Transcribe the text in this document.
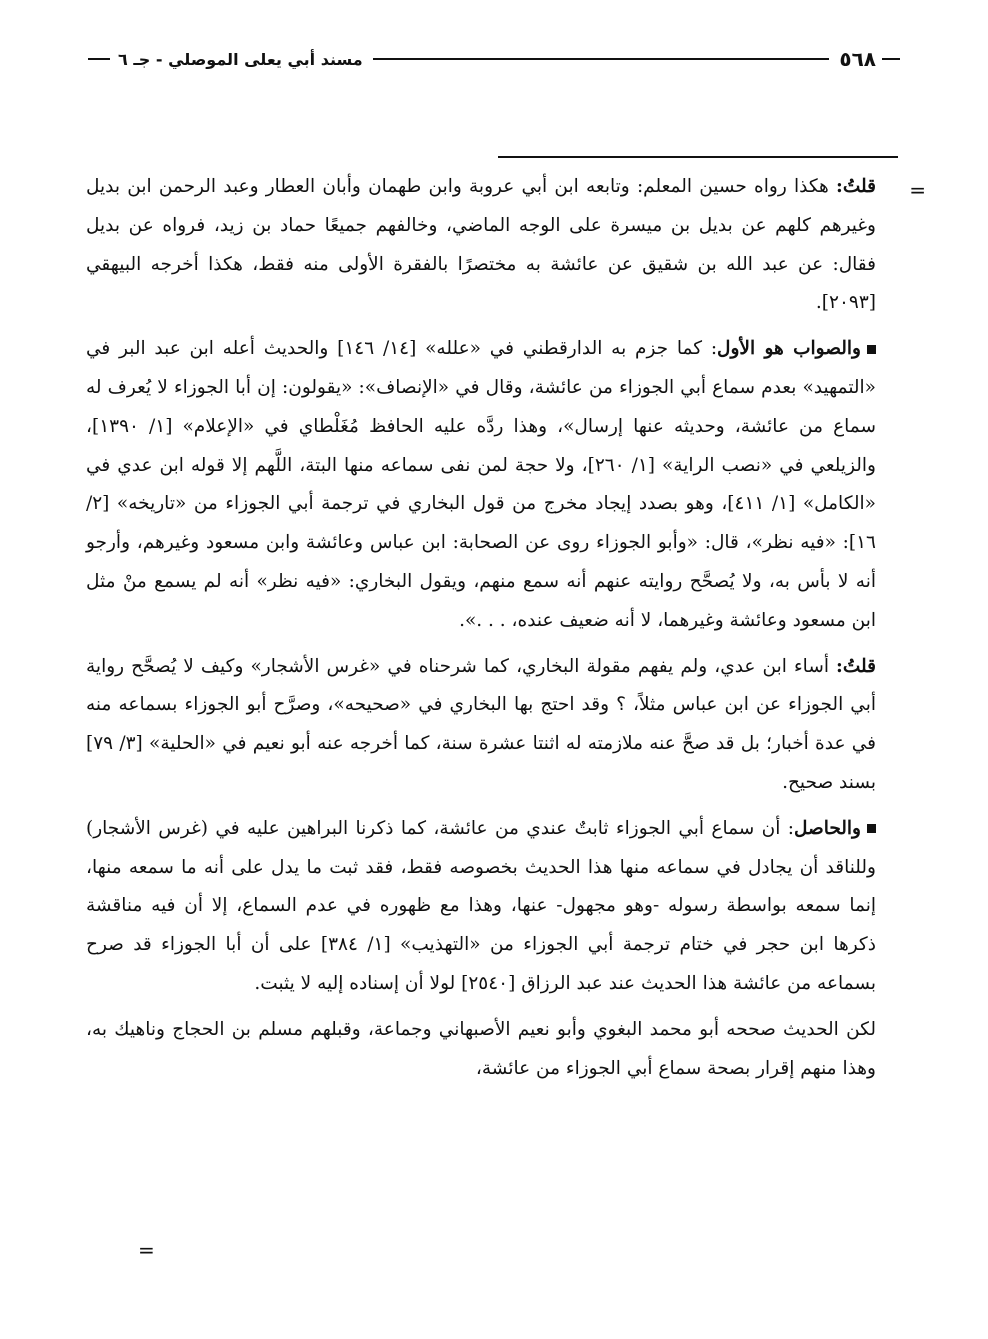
٥٦٨
مسند أبي يعلى الموصلي - جـ ٦
=

قلتُ: هكذا رواه حسين المعلم: وتابعه ابن أبي عروبة وابن طهمان وأبان العطار وعبد الرحمن ابن بديل وغيرهم كلهم عن بديل بن ميسرة على الوجه الماضي، وخالفهم جميعًا حماد بن زيد، فرواه عن بديل فقال: عن عبد الله بن شقيق عن عائشة به مختصرًا بالفقرة الأولى منه فقط، هكذا أخرجه البيهقي [٢٠٩٣].

والصواب هو الأول: كما جزم به الدارقطني في «علله» [١٤/ ١٤٦] والحديث أعله ابن عبد البر في «التمهيد» بعدم سماع أبي الجوزاء من عائشة، وقال في «الإنصاف»: «يقولون: إن أبا الجوزاء لا يُعرف له سماع من عائشة، وحديثه عنها إرسال»، وهذا ردَّه عليه الحافظ مُغَلْطاي في «الإعلام» [١/ ١٣٩٠]، والزيلعي في «نصب الراية» [١/ ٢٦٠]، ولا حجة لمن نفى سماعه منها البتة، اللَّهم إلا قوله ابن عدي في «الكامل» [١/ ٤١١]، وهو بصدد إيجاد مخرج من قول البخاري في ترجمة أبي الجوزاء من «تاريخه» [٢/ ١٦]: «فيه نظر»، قال: «وأبو الجوزاء روى عن الصحابة: ابن عباس وعائشة وابن مسعود وغيرهم، وأرجو أنه لا بأس به، ولا يُصحَّح روايته عنهم أنه سمع منهم، ويقول البخاري: «فيه نظر» أنه لم يسمع منْ مثل ابن مسعود وعائشة وغيرهما، لا أنه ضعيف عنده، . . .».

قلتُ: أساء ابن عدي، ولم يفهم مقولة البخاري، كما شرحناه في «غرس الأشجار» وكيف لا يُصحَّح رواية أبي الجوزاء عن ابن عباس مثلاً، ؟ وقد احتج بها البخاري في «صحيحه»، وصرَّح أبو الجوزاء بسماعه منه في عدة أخبار؛ بل قد صحَّ عنه ملازمته له اثنتا عشرة سنة، كما أخرجه عنه أبو نعيم في «الحلية» [٣/ ٧٩] بسند صحيح.

والحاصل: أن سماع أبي الجوزاء ثابتٌ عندي من عائشة، كما ذكرنا البراهين عليه في (غرس الأشجار) وللناقد أن يجادل في سماعه منها هذا الحديث بخصوصه فقط، فقد ثبت ما يدل على أنه ما سمعه منها، إنما سمعه بواسطة رسوله -وهو مجهول- عنها، وهذا مع ظهوره في عدم السماع، إلا أن فيه مناقشة ذكرها ابن حجر في ختام ترجمة أبي الجوزاء من «التهذيب» [١/ ٣٨٤] على أن أبا الجوزاء قد صرح بسماعه من عائشة هذا الحديث عند عبد الرزاق [٢٥٤٠] لولا أن إسناده إليه لا يثبت.

لكن الحديث صححه أبو محمد البغوي وأبو نعيم الأصبهاني وجماعة، وقبلهم مسلم بن الحجاج وناهيك به، وهذا منهم إقرار بصحة سماع أبي الجوزاء من عائشة،

=
